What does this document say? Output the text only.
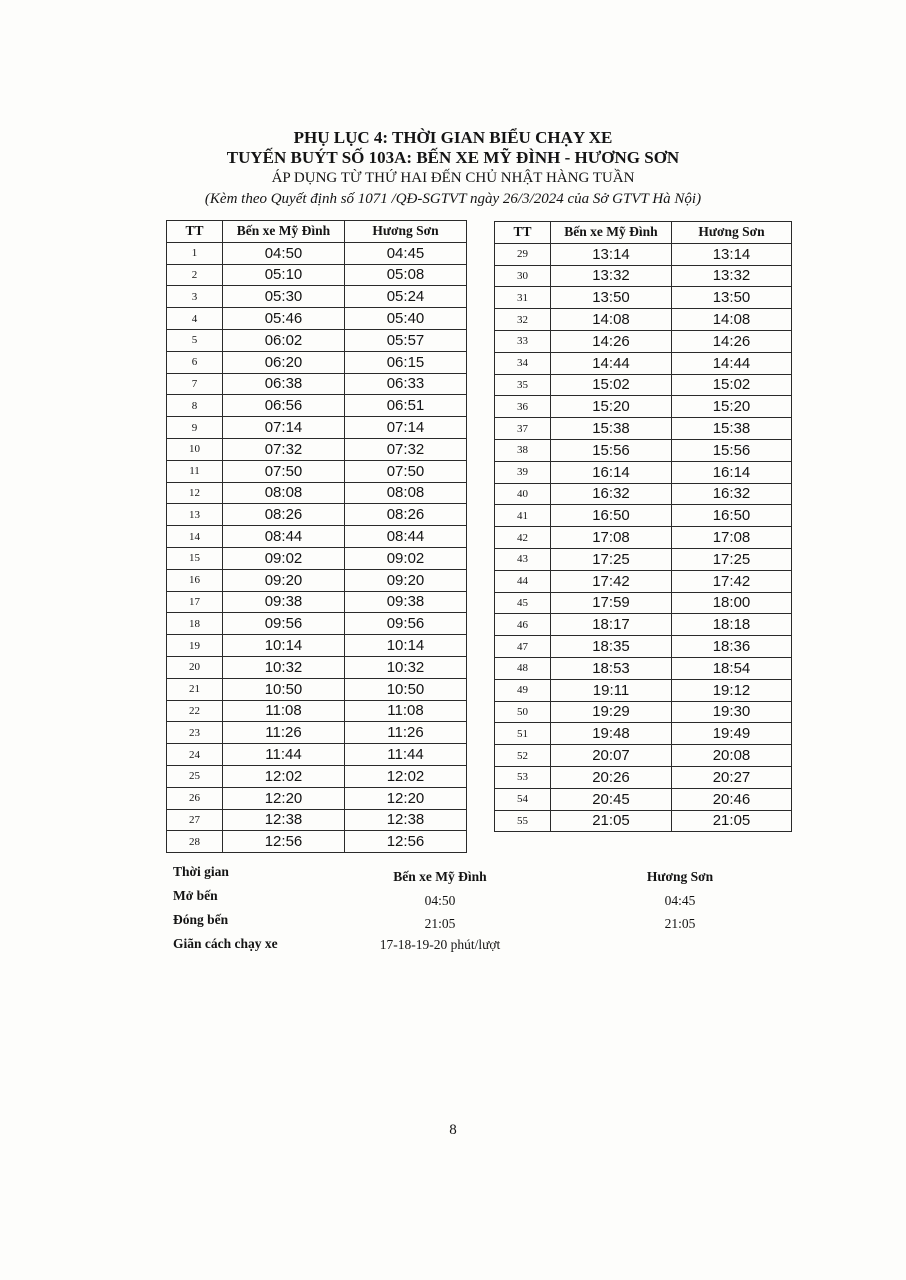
PHỤ LỤC 4: THỜI GIAN BIỂU CHẠY XE
TUYẾN BUÝT SỐ 103A: BẾN XE MỸ ĐÌNH - HƯƠNG SƠN
ÁP DỤNG TỪ THỨ HAI ĐẾN CHỦ NHẬT HÀNG TUẦN
(Kèm theo Quyết định số 1071 /QĐ-SGTVT ngày 26/3/2024 của Sở GTVT Hà Nội)
TT	Bến xe Mỹ Đình	Hương Sơn
1	04:50	04:45
2	05:10	05:08
3	05:30	05:24
4	05:46	05:40
5	06:02	05:57
6	06:20	06:15
7	06:38	06:33
8	06:56	06:51
9	07:14	07:14
10	07:32	07:32
11	07:50	07:50
12	08:08	08:08
13	08:26	08:26
14	08:44	08:44
15	09:02	09:02
16	09:20	09:20
17	09:38	09:38
18	09:56	09:56
19	10:14	10:14
20	10:32	10:32
21	10:50	10:50
22	11:08	11:08
23	11:26	11:26
24	11:44	11:44
25	12:02	12:02
26	12:20	12:20
27	12:38	12:38
28	12:56	12:56
TT	Bến xe Mỹ Đình	Hương Sơn
29	13:14	13:14
30	13:32	13:32
31	13:50	13:50
32	14:08	14:08
33	14:26	14:26
34	14:44	14:44
35	15:02	15:02
36	15:20	15:20
37	15:38	15:38
38	15:56	15:56
39	16:14	16:14
40	16:32	16:32
41	16:50	16:50
42	17:08	17:08
43	17:25	17:25
44	17:42	17:42
45	17:59	18:00
46	18:17	18:18
47	18:35	18:36
48	18:53	18:54
49	19:11	19:12
50	19:29	19:30
51	19:48	19:49
52	20:07	20:08
53	20:26	20:27
54	20:45	20:46
55	21:05	21:05
Thời gian	Bến xe Mỹ Đình	Hương Sơn
Mở bến	04:50	04:45
Đóng bến	21:05	21:05
Giãn cách chạy xe	17-18-19-20 phút/lượt
8
